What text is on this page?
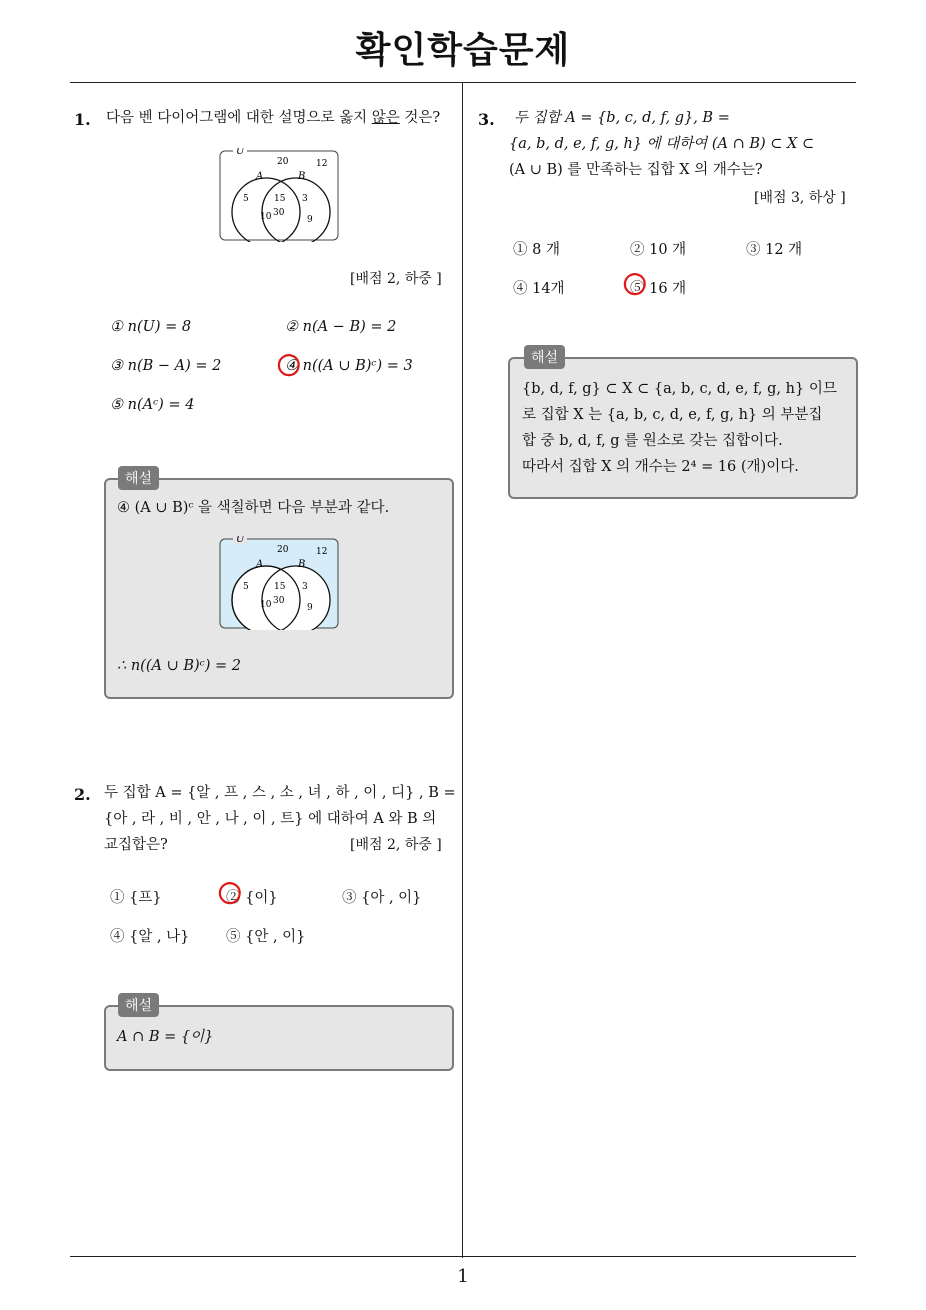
확인학습문제
1
1. 다음 벤 다이어그램에 대한 설명으로 옳지 않은 것은?
U
A	B
20	12
5	15 3
10 30
9
[배점 2, 하중 ]
① n(U) = 8	② n(A − B) = 2
③ n(B − A) = 2	④ n((A ∪ B)ᶜ) = 3
⑤ n(Aᶜ) = 4
해설
④ (A ∪ B)ᶜ 을 색칠하면 다음 부분과 같다.
U
A	B
20	12
5	15 3
10 30
9
∴ n((A ∪ B)ᶜ) = 2
2. 두 집합 A = {알 , 프 , 스 , 소 , 녀 , 하 , 이 , 디} , B =
{아 , 라 , 비 , 안 , 나 , 이 , 트} 에 대하여 A 와 B 의
교집합은?	[배점 2, 하중 ]
① {프}	② {이}	③ {아 , 이}
④ {알 , 나}	⑤ {안 , 이}
해설
A ∩ B = {이}
3. 두 집합 A = {b, c, d, f, g}, B =
{a, b, d, e, f, g, h} 에 대하여 (A ∩ B) ⊂ X ⊂
(A ∪ B) 를 만족하는 집합 X 의 개수는?
[배점 3, 하상 ]
① 8 개	② 10 개	③ 12 개
④ 14개	⑤ 16 개
해설
{b, d, f, g} ⊂ X ⊂ {a, b, c, d, e, f, g, h} 이므
로 집합 X 는 {a, b, c, d, e, f, g, h} 의 부분집
합 중 b, d, f, g 를 원소로 갖는 집합이다.
따라서 집합 X 의 개수는 2⁴ = 16 (개)이다.
